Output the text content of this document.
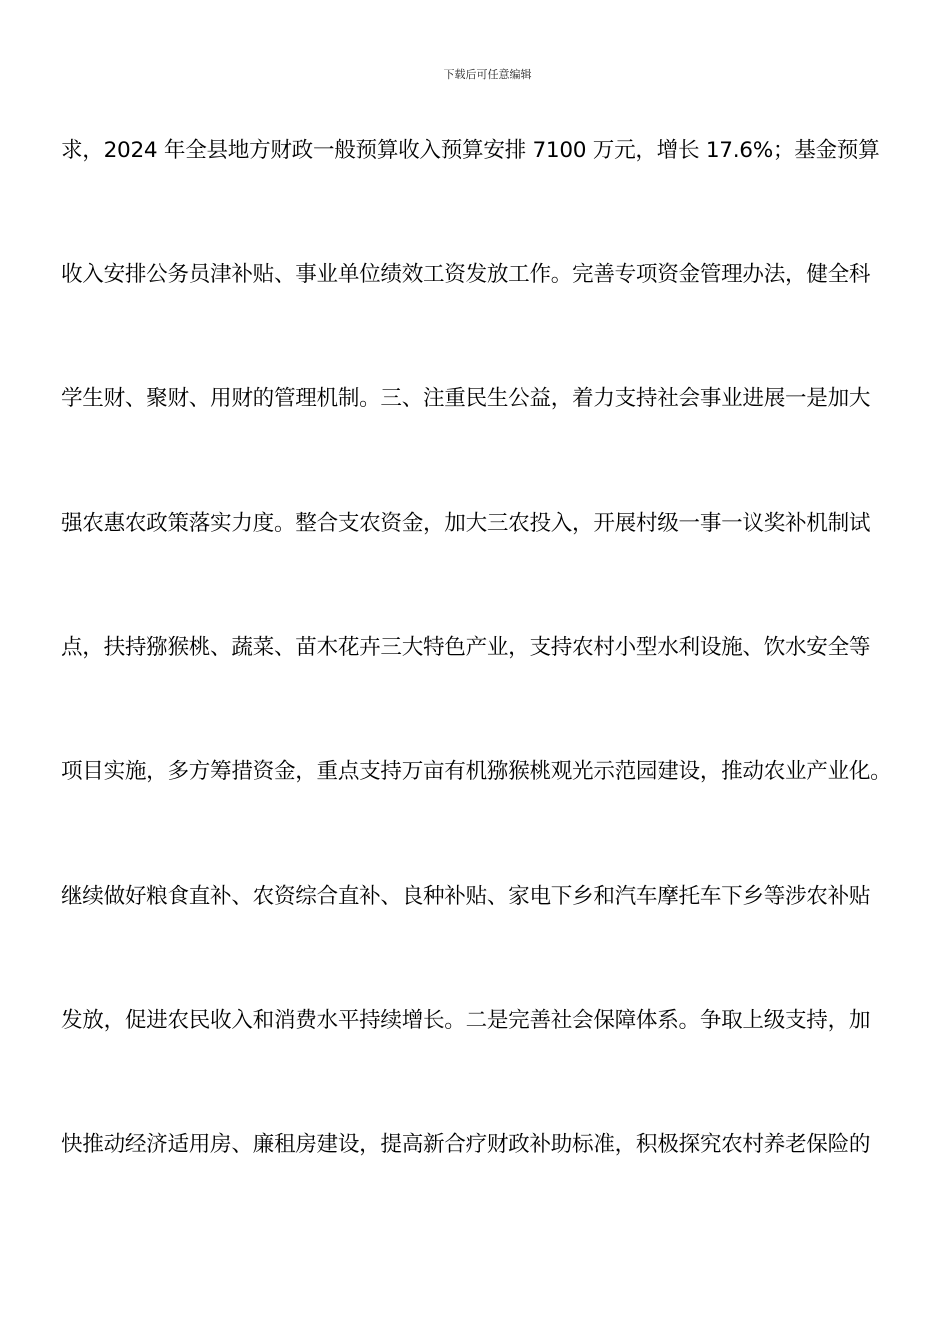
下载后可任意编辑
求，2024 年全县地方财政一般预算收入预算安排 7100 万元，增长 17.6%；基金预算
收入安排公务员津补贴、事业单位绩效工资发放工作。完善专项资金管理办法，健全科
学生财、聚财、用财的管理机制。三、注重民生公益，着力支持社会事业进展一是加大
强农惠农政策落实力度。整合支农资金，加大三农投入，开展村级一事一议奖补机制试
点，扶持猕猴桃、蔬菜、苗木花卉三大特色产业，支持农村小型水利设施、饮水安全等
项目实施，多方筹措资金，重点支持万亩有机猕猴桃观光示范园建设，推动农业产业化。
继续做好粮食直补、农资综合直补、良种补贴、家电下乡和汽车摩托车下乡等涉农补贴
发放，促进农民收入和消费水平持续增长。二是完善社会保障体系。争取上级支持，加
快推动经济适用房、廉租房建设，提高新合疗财政补助标准，积极探究农村养老保险的
